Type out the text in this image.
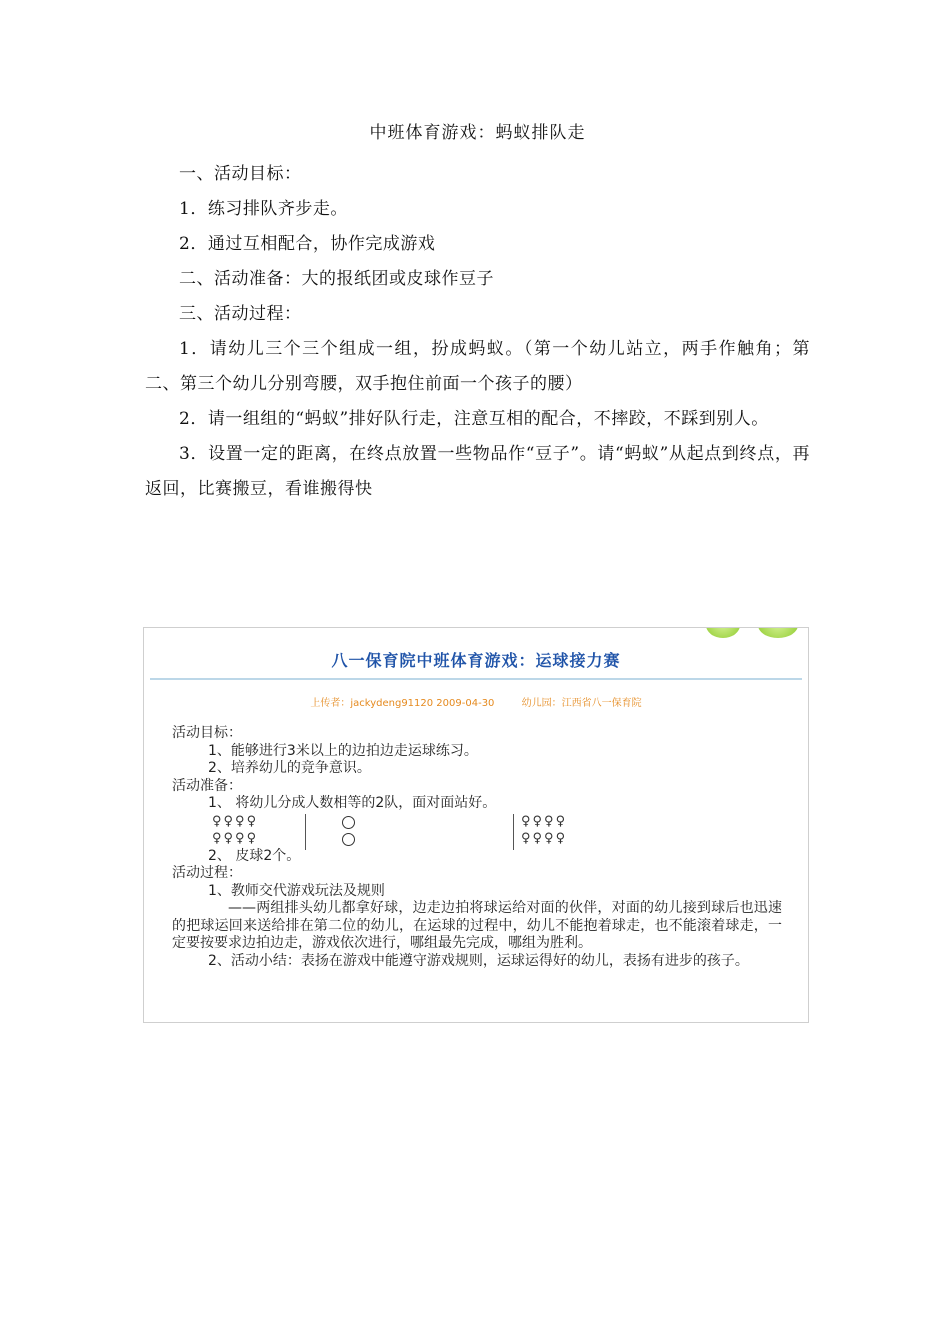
中班体育游戏：蚂蚁排队走

一、活动目标：

1．练习排队齐步走。

2．通过互相配合，协作完成游戏

二、活动准备：大的报纸团或皮球作豆子

三、活动过程：

1．请幼儿三个三个组成一组，扮成蚂蚁。（第一个幼儿站立，两手作触角；第二、第三个幼儿分别弯腰，双手抱住前面一个孩子的腰）

2．请一组组的“蚂蚁”排好队行走，注意互相的配合，不摔跤，不踩到别人。

3．设置一定的距离，在终点放置一些物品作“豆子”。请“蚂蚁”从起点到终点，再返回，比赛搬豆，看谁搬得快

八一保育院中班体育游戏：运球接力赛
上传者：jackydeng91120 2009-04-30	幼儿园：江西省八一保育院
活动目标：
1、能够进行3米以上的边拍边走运球练习。
2、培养幼儿的竞争意识。
活动准备：
1、 将幼儿分成人数相等的2队，面对面站好。
2、 皮球2个。
活动过程：
1、教师交代游戏玩法及规则
——两组排头幼儿都拿好球，边走边拍将球运给对面的伙伴，对面的幼儿接到球后也迅速的把球运回来送给排在第二位的幼儿，在运球的过程中，幼儿不能抱着球走，也不能滚着球走，一定要按要求边拍边走，游戏依次进行，哪组最先完成，哪组为胜利。
2、活动小结：表扬在游戏中能遵守游戏规则，运球运得好的幼儿，表扬有进步的孩子。
♀♀♀♀
♀♀♀♀
♀♀♀♀
♀♀♀♀
